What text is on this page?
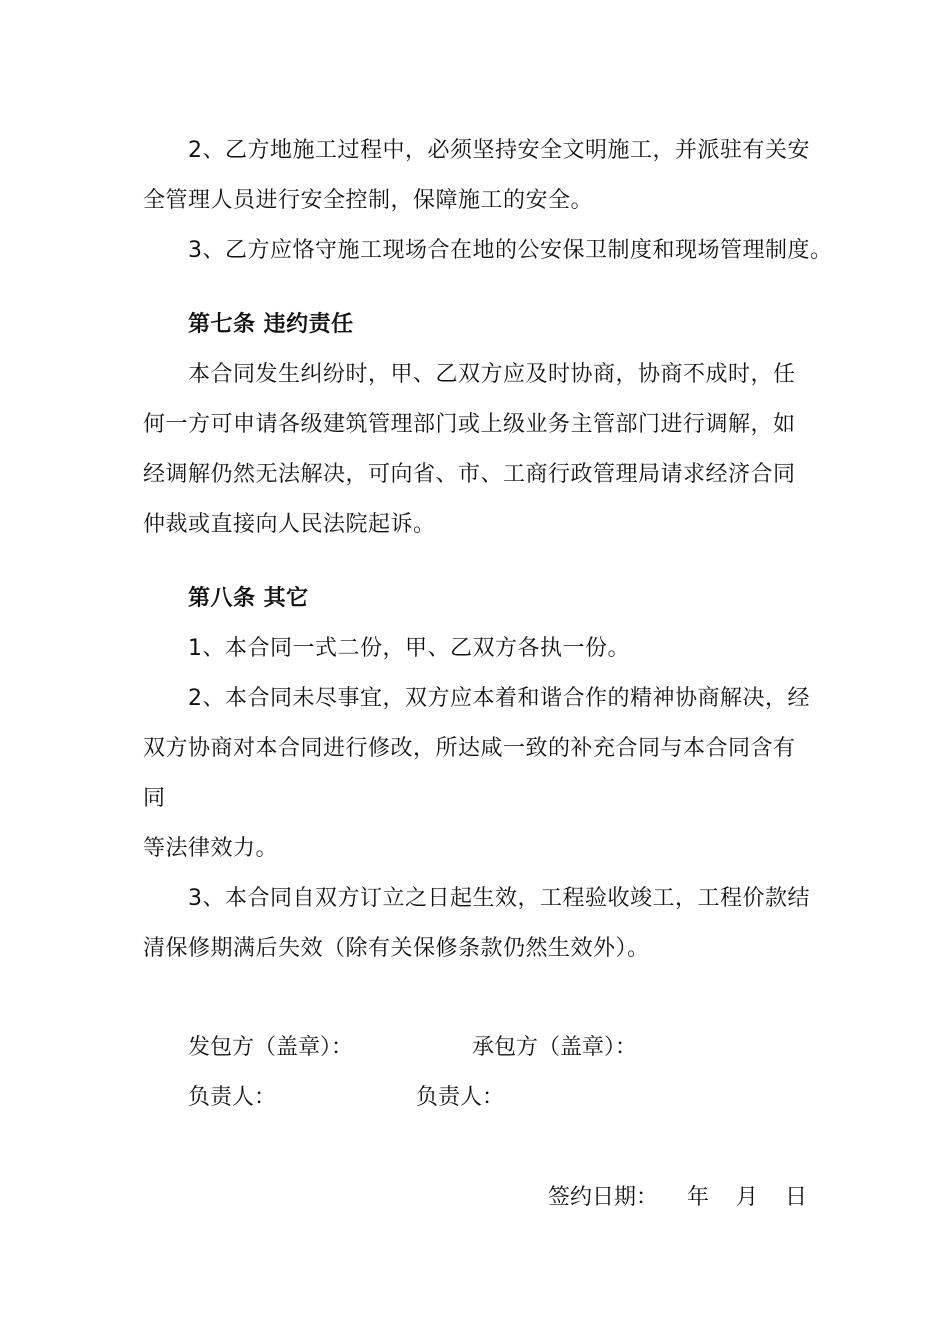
2、乙方地施工过程中，必须坚持安全文明施工，并派驻有关安
全管理人员进行安全控制，保障施工的安全。
3、乙方应恪守施工现场合在地的公安保卫制度和现场管理制度。
第七条 违约责任
本合同发生纠纷时，甲、乙双方应及时协商，协商不成时，任
何一方可申请各级建筑管理部门或上级业务主管部门进行调解，如
经调解仍然无法解决，可向省、市、工商行政管理局请求经济合同
仲裁或直接向人民法院起诉。
第八条 其它
1、本合同一式二份，甲、乙双方各执一份。
2、本合同未尽事宜，双方应本着和谐合作的精神协商解决，经
双方协商对本合同进行修改，所达咸一致的补充合同与本合同含有
同
等法律效力。
3、本合同自双方订立之日起生效，工程验收竣工，工程价款结
清保修期满后失效（除有关保修条款仍然生效外）。
发包方（盖章）：	承包方（盖章）：
负责人：	负责人：
签约日期： 年 月 日
